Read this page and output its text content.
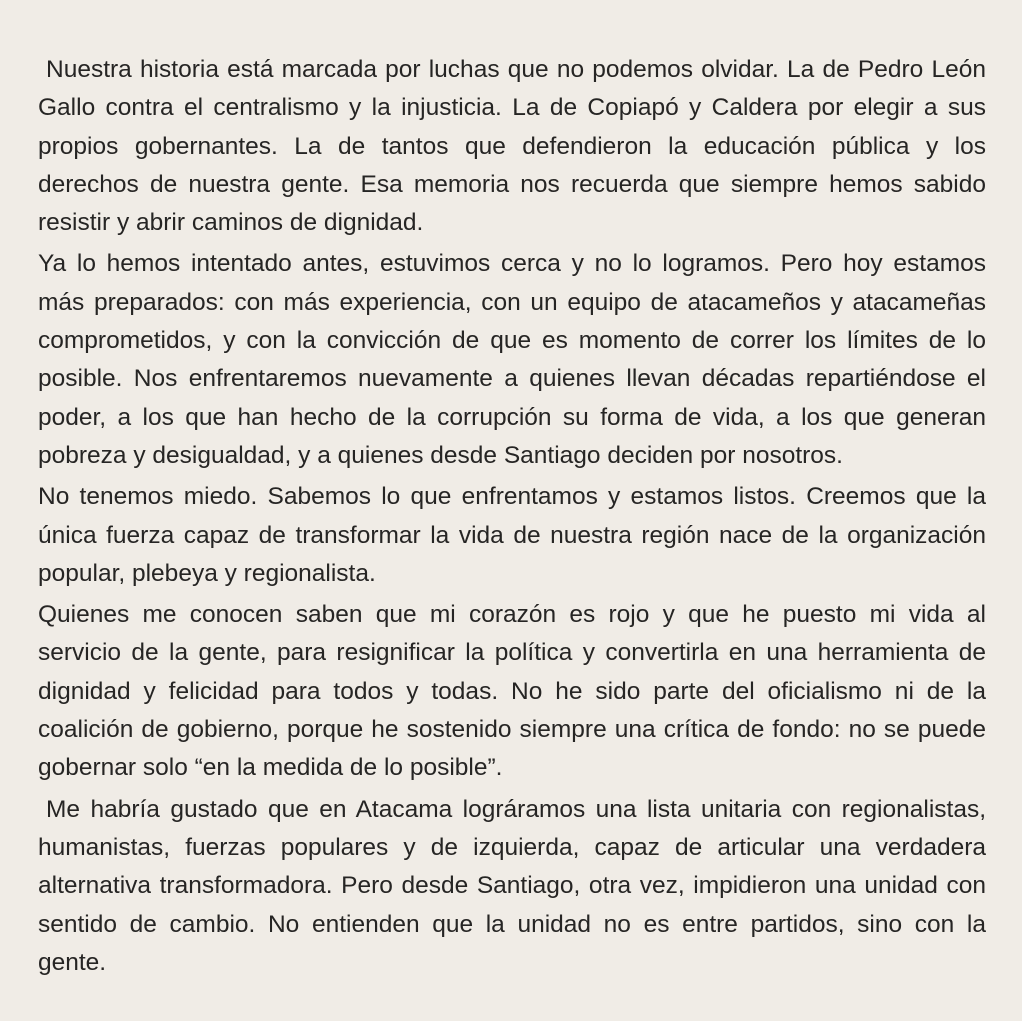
Nuestra historia está marcada por luchas que no podemos olvidar. La de Pedro León
Gallo contra el centralismo y la injusticia. La de Copiapó y Caldera por elegir a sus
propios gobernantes. La de tantos que defendieron la educación pública y los
derechos de nuestra gente. Esa memoria nos recuerda que siempre hemos sabido
resistir y abrir caminos de dignidad.
Ya lo hemos intentado antes, estuvimos cerca y no lo logramos. Pero hoy estamos
más preparados: con más experiencia, con un equipo de atacameños y atacameñas
comprometidos, y con la convicción de que es momento de correr los límites de lo
posible. Nos enfrentaremos nuevamente a quienes llevan décadas repartiéndose el
poder, a los que han hecho de la corrupción su forma de vida, a los que generan
pobreza y desigualdad, y a quienes desde Santiago deciden por nosotros.
No tenemos miedo. Sabemos lo que enfrentamos y estamos listos. Creemos que la
única fuerza capaz de transformar la vida de nuestra región nace de la organización
popular, plebeya y regionalista.
Quienes me conocen saben que mi corazón es rojo y que he puesto mi vida al
servicio de la gente, para resignificar la política y convertirla en una herramienta de
dignidad y felicidad para todos y todas. No he sido parte del oficialismo ni de la
coalición de gobierno, porque he sostenido siempre una crítica de fondo: no se puede
gobernar solo “en la medida de lo posible”.
Me habría gustado que en Atacama lográramos una lista unitaria con regionalistas,
humanistas, fuerzas populares y de izquierda, capaz de articular una verdadera
alternativa transformadora. Pero desde Santiago, otra vez, impidieron una unidad con
sentido de cambio. No entienden que la unidad no es entre partidos, sino con la
gente.
